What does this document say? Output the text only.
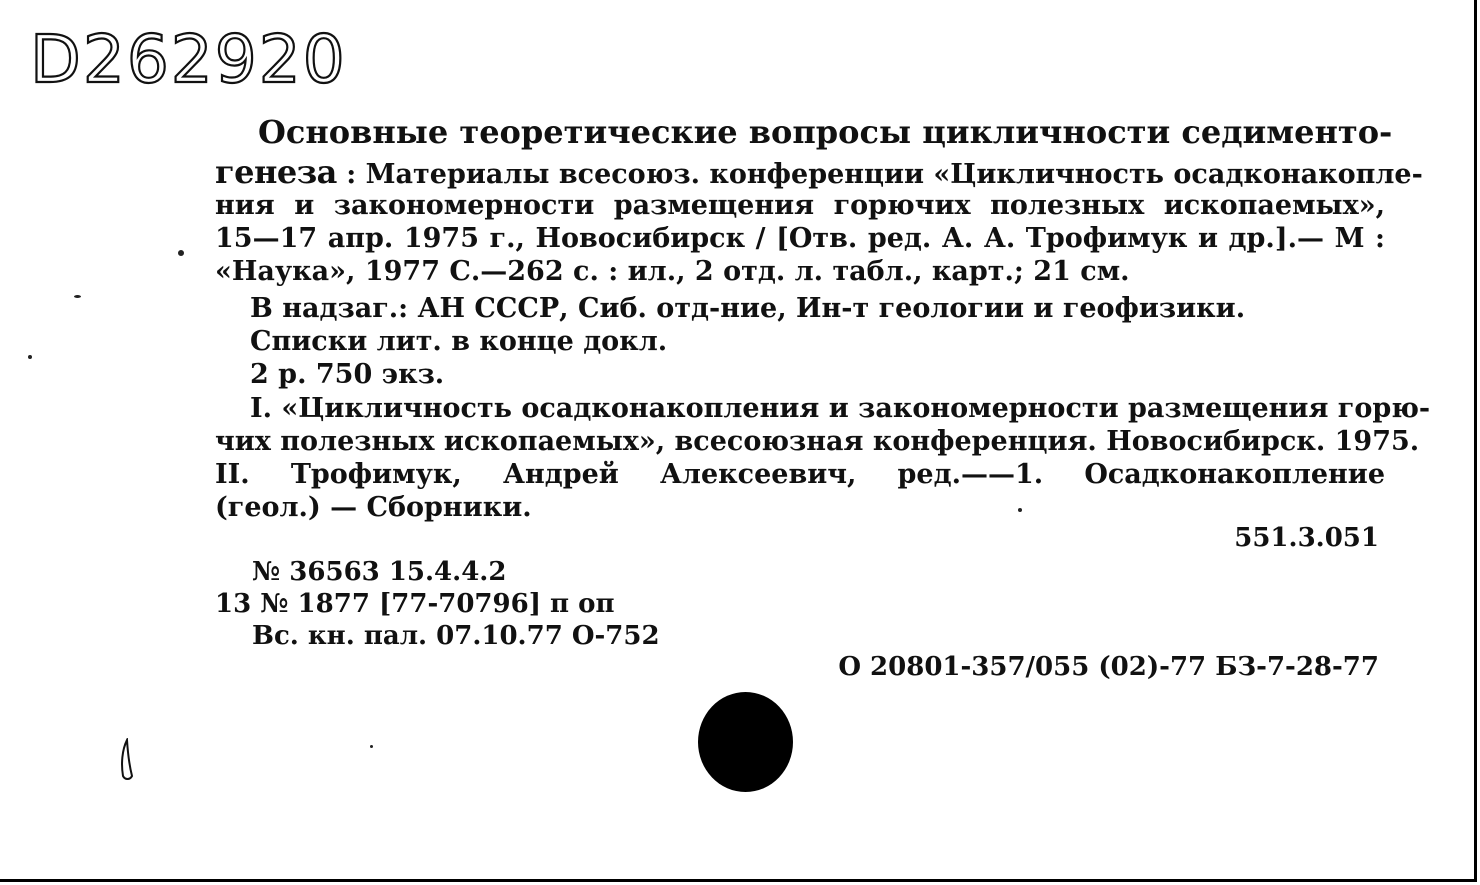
D262920
Основные теоретические вопросы цикличности седименто-
генеза : Материалы всесоюз. конференции «Цикличность осадконакопле-
ния и закономерности размещения горючих полезных ископаемых»,
15—17 апр. 1975 г., Новосибирск / [Отв. ред. А. А. Трофимук и др.].— М :
«Наука», 1977 С.—262 с. : ил., 2 отд. л. табл., карт.; 21 см.
В надзаг.: АН СССР, Сиб. отд-ние, Ин-т геологии и геофизики.
Списки лит. в конце докл.
2 р. 750 экз.
I. «Цикличность осадконакопления и закономерности размещения горю-
чих полезных ископаемых», всесоюзная конференция. Новосибирск. 1975.
II. Трофимук, Андрей Алексеевич, ред.——1. Осадконакопление
(геол.) — Сборники.
551.3.051
№ 36563 15.4.4.2
13 № 1877 [77-70796] п оп
Вс. кн. пал. 07.10.77 О-752
О 20801-357/055 (02)-77 БЗ-7-28-77
